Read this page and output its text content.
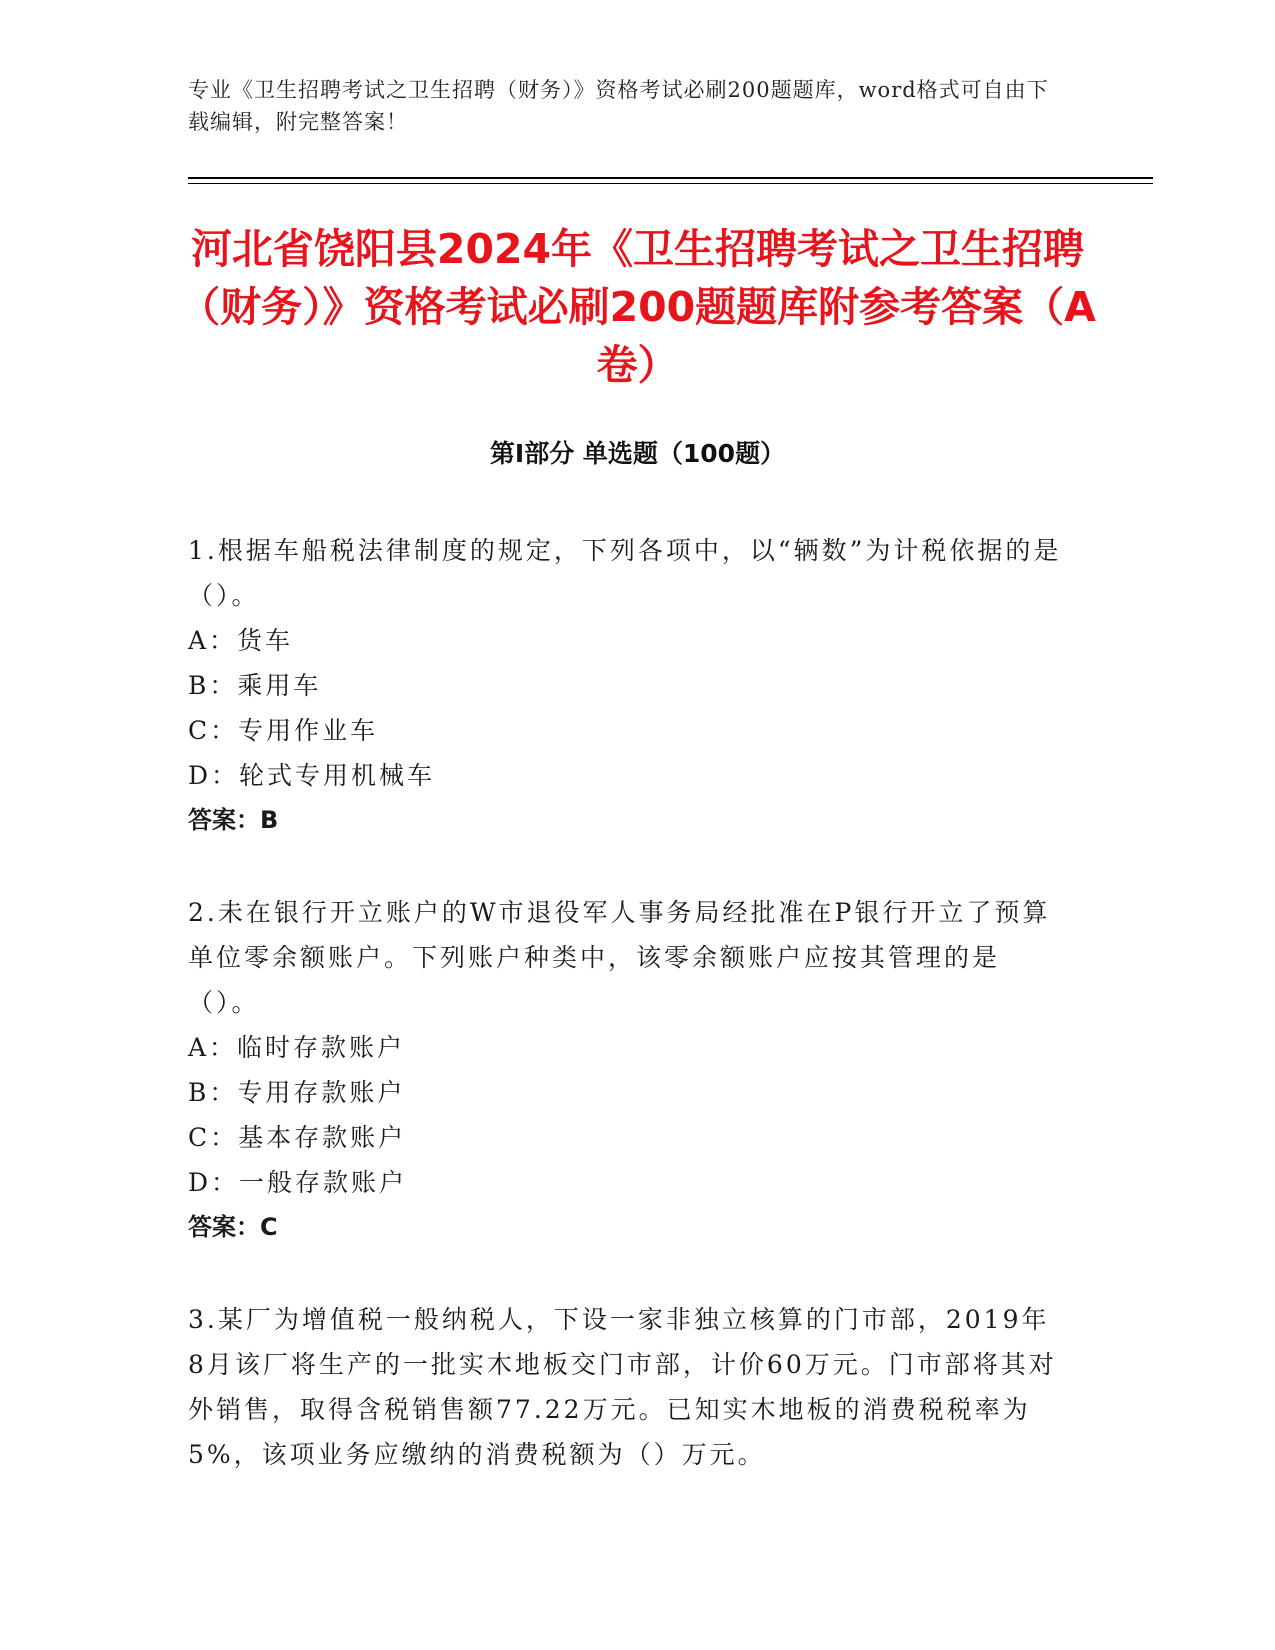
专业《卫生招聘考试之卫生招聘（财务）》资格考试必刷200题题库，word格式可自由下载编辑，附完整答案！
河北省饶阳县2024年《卫生招聘考试之卫生招聘（财务）》资格考试必刷200题题库附参考答案（A卷）
第Ⅰ部分 单选题（100题）

1.根据车船税法律制度的规定，下列各项中，以“辆数”为计税依据的是（）。

A：货车

B：乘用车

C：专用作业车

D：轮式专用机械车

答案：B

2.未在银行开立账户的W市退役军人事务局经批准在P银行开立了预算单位零余额账户。下列账户种类中，该零余额账户应按其管理的是（）。

A：临时存款账户

B：专用存款账户

C：基本存款账户

D：一般存款账户

答案：C

3.某厂为增值税一般纳税人，下设一家非独立核算的门市部，2019年8月该厂将生产的一批实木地板交门市部，计价60万元。门市部将其对外销售，取得含税销售额77.22万元。已知实木地板的消费税税率为5%，该项业务应缴纳的消费税额为（）万元。
